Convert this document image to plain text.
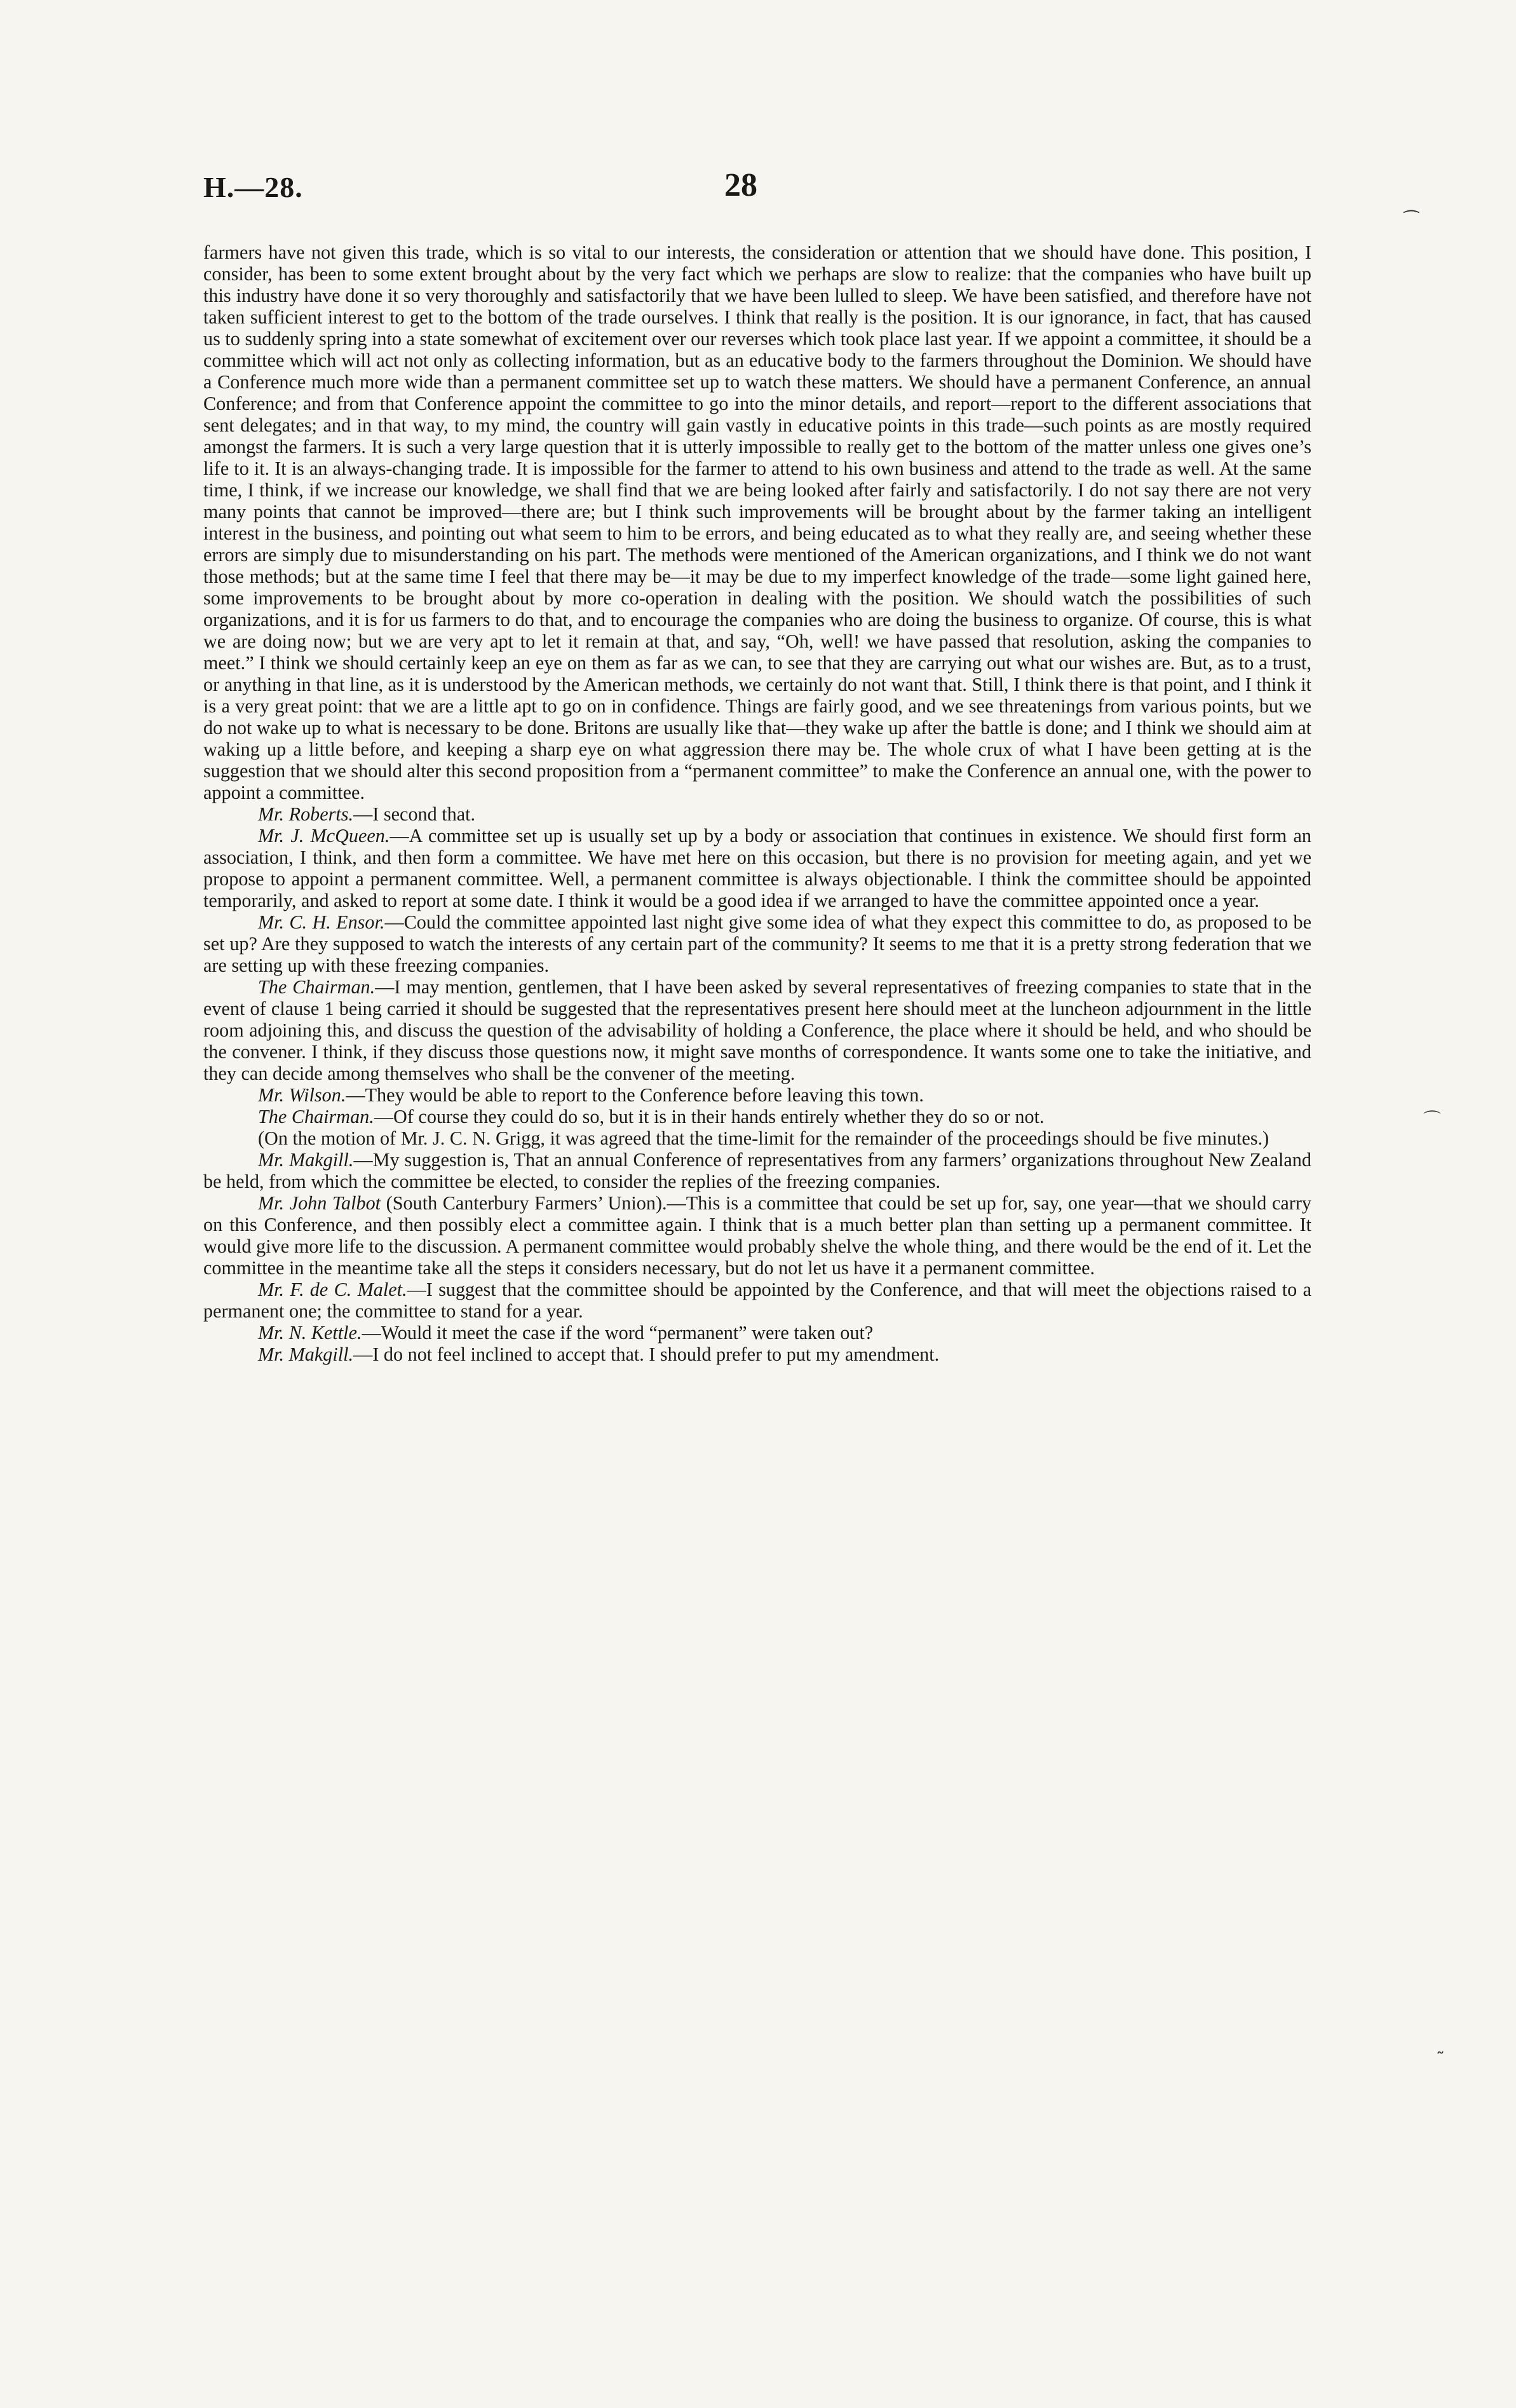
H.—28.	28

farmers have not given this trade, which is so vital to our interests, the consideration or attention that we should have done. This position, I consider, has been to some extent brought about by the very fact which we perhaps are slow to realize: that the companies who have built up this industry have done it so very thoroughly and satisfactorily that we have been lulled to sleep. We have been satisfied, and therefore have not taken sufficient interest to get to the bottom of the trade ourselves. I think that really is the position. It is our ignorance, in fact, that has caused us to suddenly spring into a state somewhat of excitement over our reverses which took place last year. If we appoint a committee, it should be a committee which will act not only as collecting information, but as an educative body to the farmers throughout the Dominion. We should have a Conference much more wide than a permanent committee set up to watch these matters. We should have a permanent Conference, an annual Conference; and from that Conference appoint the committee to go into the minor details, and report—report to the different associations that sent delegates; and in that way, to my mind, the country will gain vastly in educative points in this trade—such points as are mostly required amongst the farmers. It is such a very large question that it is utterly impossible to really get to the bottom of the matter unless one gives one’s life to it. It is an always-changing trade. It is impossible for the farmer to attend to his own business and attend to the trade as well. At the same time, I think, if we increase our knowledge, we shall find that we are being looked after fairly and satisfactorily. I do not say there are not very many points that cannot be improved—there are; but I think such improvements will be brought about by the farmer taking an intelligent interest in the business, and pointing out what seem to him to be errors, and being educated as to what they really are, and seeing whether these errors are simply due to misunderstanding on his part. The methods were mentioned of the American organizations, and I think we do not want those methods; but at the same time I feel that there may be—it may be due to my imperfect knowledge of the trade—some light gained here, some improvements to be brought about by more co-operation in dealing with the position. We should watch the possibilities of such organizations, and it is for us farmers to do that, and to encourage the companies who are doing the business to organize. Of course, this is what we are doing now; but we are very apt to let it remain at that, and say, “Oh, well! we have passed that resolution, asking the companies to meet.” I think we should certainly keep an eye on them as far as we can, to see that they are carrying out what our wishes are. But, as to a trust, or anything in that line, as it is understood by the American methods, we certainly do not want that. Still, I think there is that point, and I think it is a very great point: that we are a little apt to go on in confidence. Things are fairly good, and we see threatenings from various points, but we do not wake up to what is necessary to be done. Britons are usually like that—they wake up after the battle is done; and I think we should aim at waking up a little before, and keeping a sharp eye on what aggression there may be. The whole crux of what I have been getting at is the suggestion that we should alter this second proposition from a “permanent committee” to make the Conference an annual one, with the power to appoint a committee.

Mr. Roberts.—I second that.

Mr. J. McQueen.—A committee set up is usually set up by a body or association that continues in existence. We should first form an association, I think, and then form a committee. We have met here on this occasion, but there is no provision for meeting again, and yet we propose to appoint a permanent committee. Well, a permanent committee is always objectionable. I think the committee should be appointed temporarily, and asked to report at some date. I think it would be a good idea if we arranged to have the committee appointed once a year.

Mr. C. H. Ensor.—Could the committee appointed last night give some idea of what they expect this committee to do, as proposed to be set up? Are they supposed to watch the interests of any certain part of the community? It seems to me that it is a pretty strong federation that we are setting up with these freezing companies.

The Chairman.—I may mention, gentlemen, that I have been asked by several representatives of freezing companies to state that in the event of clause 1 being carried it should be suggested that the representatives present here should meet at the luncheon adjournment in the little room adjoining this, and discuss the question of the advisability of holding a Conference, the place where it should be held, and who should be the convener. I think, if they discuss those questions now, it might save months of correspondence. It wants some one to take the initiative, and they can decide among themselves who shall be the convener of the meeting.

Mr. Wilson.—They would be able to report to the Conference before leaving this town.

The Chairman.—Of course they could do so, but it is in their hands entirely whether they do so or not.

(On the motion of Mr. J. C. N. Grigg, it was agreed that the time-limit for the remainder of the proceedings should be five minutes.)

Mr. Makgill.—My suggestion is, That an annual Conference of representatives from any farmers’ organizations throughout New Zealand be held, from which the committee be elected, to consider the replies of the freezing companies.

Mr. John Talbot (South Canterbury Farmers’ Union).—This is a committee that could be set up for, say, one year—that we should carry on this Conference, and then possibly elect a committee again. I think that is a much better plan than setting up a permanent committee. It would give more life to the discussion. A permanent committee would probably shelve the whole thing, and there would be the end of it. Let the committee in the meantime take all the steps it considers necessary, but do not let us have it a permanent committee.

Mr. F. de C. Malet.—I suggest that the committee should be appointed by the Conference, and that will meet the objections raised to a permanent one; the committee to stand for a year.

Mr. N. Kettle.—Would it meet the case if the word “permanent” were taken out?

Mr. Makgill.—I do not feel inclined to accept that. I should prefer to put my amendment.

⁀
⌒
˷
